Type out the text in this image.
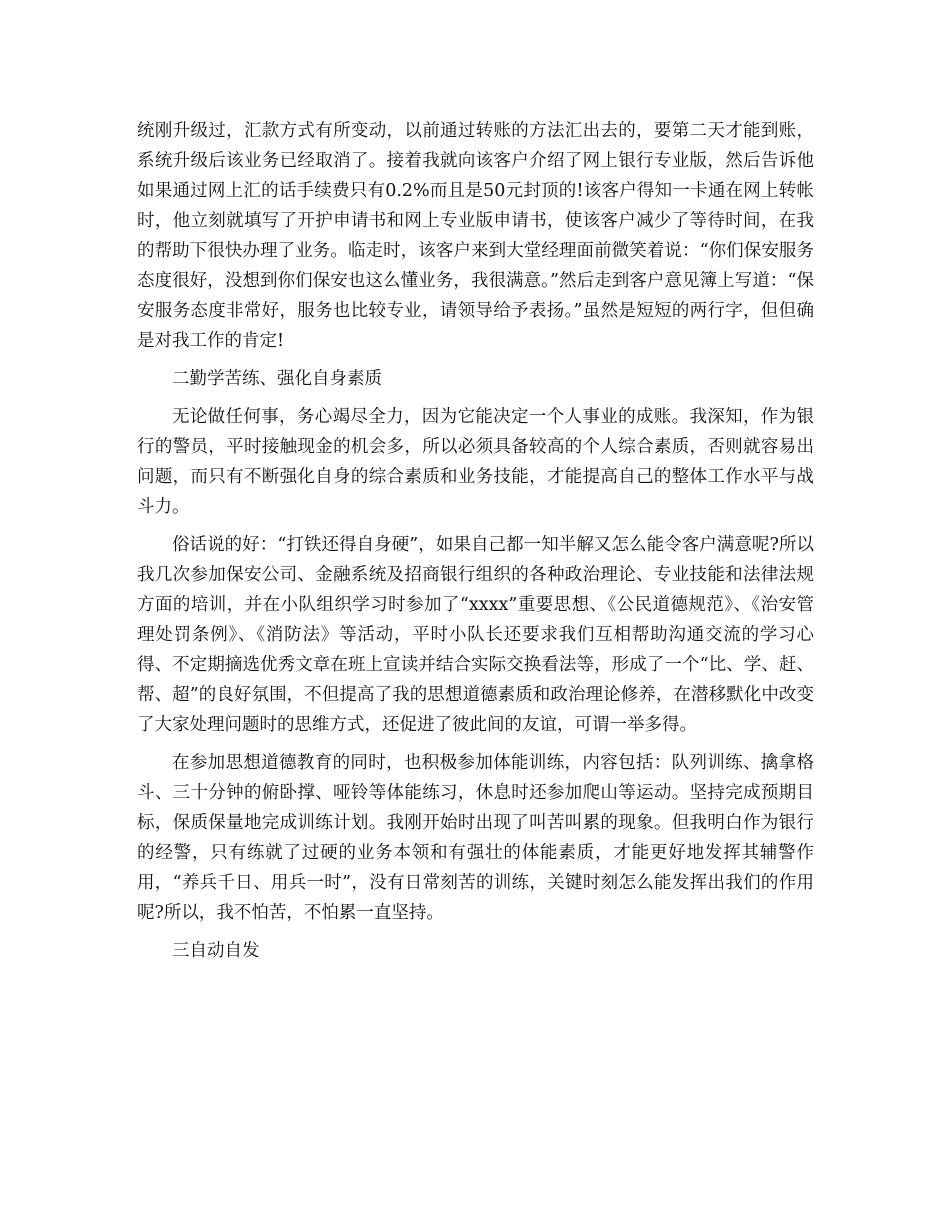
统刚升级过，汇款方式有所变动，以前通过转账的方法汇出去的，要第二天才能到账，系统升级后该业务已经取消了。接着我就向该客户介绍了网上银行专业版，然后告诉他如果通过网上汇的话手续费只有0.2%而且是50元封顶的!该客户得知一卡通在网上转帐时，他立刻就填写了开护申请书和网上专业版申请书，使该客户减少了等待时间，在我的帮助下很快办理了业务。临走时，该客户来到大堂经理面前微笑着说：“你们保安服务态度很好，没想到你们保安也这么懂业务，我很满意。”然后走到客户意见簿上写道：“保安服务态度非常好，服务也比较专业，请领导给予表扬。”虽然是短短的两行字，但但确是对我工作的肯定!

二勤学苦练、强化自身素质

无论做任何事，务心竭尽全力，因为它能决定一个人事业的成账。我深知，作为银行的警员，平时接触现金的机会多，所以必须具备较高的个人综合素质，否则就容易出问题，而只有不断强化自身的综合素质和业务技能，才能提高自己的整体工作水平与战斗力。

俗话说的好：“打铁还得自身硬”，如果自己都一知半解又怎么能令客户满意呢?所以我几次参加保安公司、金融系统及招商银行组织的各种政治理论、专业技能和法律法规方面的培训，并在小队组织学习时参加了“xxxx”重要思想、《公民道德规范》、《治安管理处罚条例》、《消防法》等活动，平时小队长还要求我们互相帮助沟通交流的学习心得、不定期摘选优秀文章在班上宣读并结合实际交换看法等，形成了一个“比、学、赶、帮、超”的良好氛围，不但提高了我的思想道德素质和政治理论修养，在潜移默化中改变了大家处理问题时的思维方式，还促进了彼此间的友谊，可谓一举多得。

在参加思想道德教育的同时，也积极参加体能训练，内容包括：队列训练、擒拿格斗、三十分钟的俯卧撑、哑铃等体能练习，休息时还参加爬山等运动。坚持完成预期目标，保质保量地完成训练计划。我刚开始时出现了叫苦叫累的现象。但我明白作为银行的经警，只有练就了过硬的业务本领和有强壮的体能素质，才能更好地发挥其辅警作用，“养兵千日、用兵一时”，没有日常刻苦的训练，关键时刻怎么能发挥出我们的作用呢?所以，我不怕苦，不怕累一直坚持。

三自动自发
